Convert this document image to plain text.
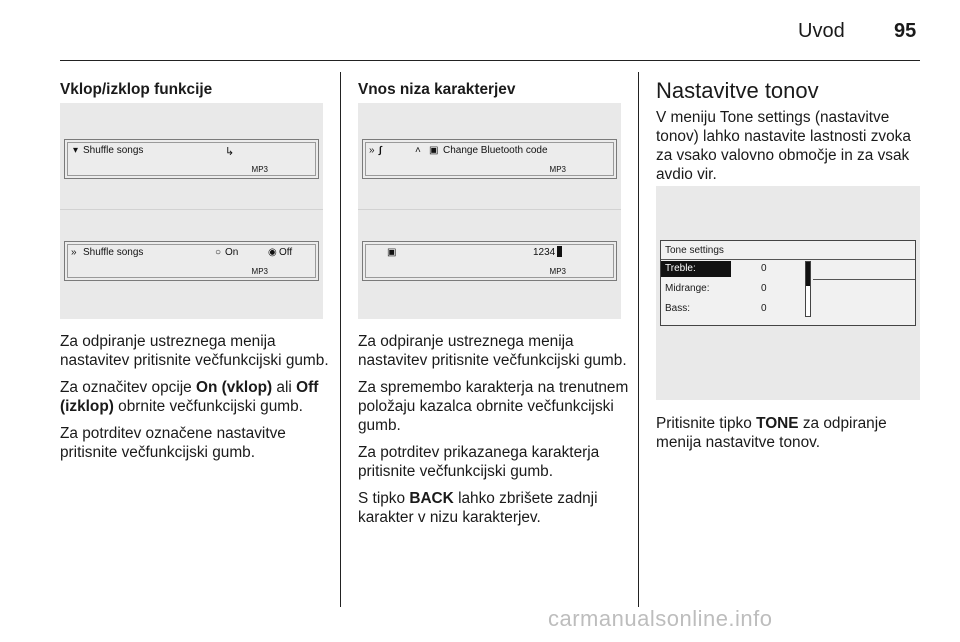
Uvod 95
Vklop/izklop funkcije
▾ Shuffle songs	↳
MP3
» Shuffle songs	○ On	◉ Off
MP3

Za odpiranje ustreznega menija nastavitev pritisnite večfunkcijski gumb.

Za označitev opcije On (vklop) ali Off (izklop) obrnite večfunkcijski gumb.

Za potrditev označene nastavitve pritisnite večfunkcijski gumb.

Vnos niza karakterjev
» ∫	˄ ▣ Change Bluetooth code
MP3
▣	1234
MP3

Za odpiranje ustreznega menija nastavitev pritisnite večfunkcijski gumb.

Za spremembo karakterja na trenutnem položaju kazalca obrnite večfunkcijski gumb.

Za potrditev prikazanega karakterja pritisnite večfunkcijski gumb.

S tipko BACK lahko zbrišete zadnji karakter v nizu karakterjev.

Nastavitve tonov

V meniju Tone settings (nastavitve tonov) lahko nastavite lastnosti zvoka za vsako valovno območje in za vsak avdio vir.

Tone settings
Treble:	0
Midrange:	0
Bass:	0

Pritisnite tipko TONE za odpiranje menija nastavitve tonov.

carmanualsonline.info
